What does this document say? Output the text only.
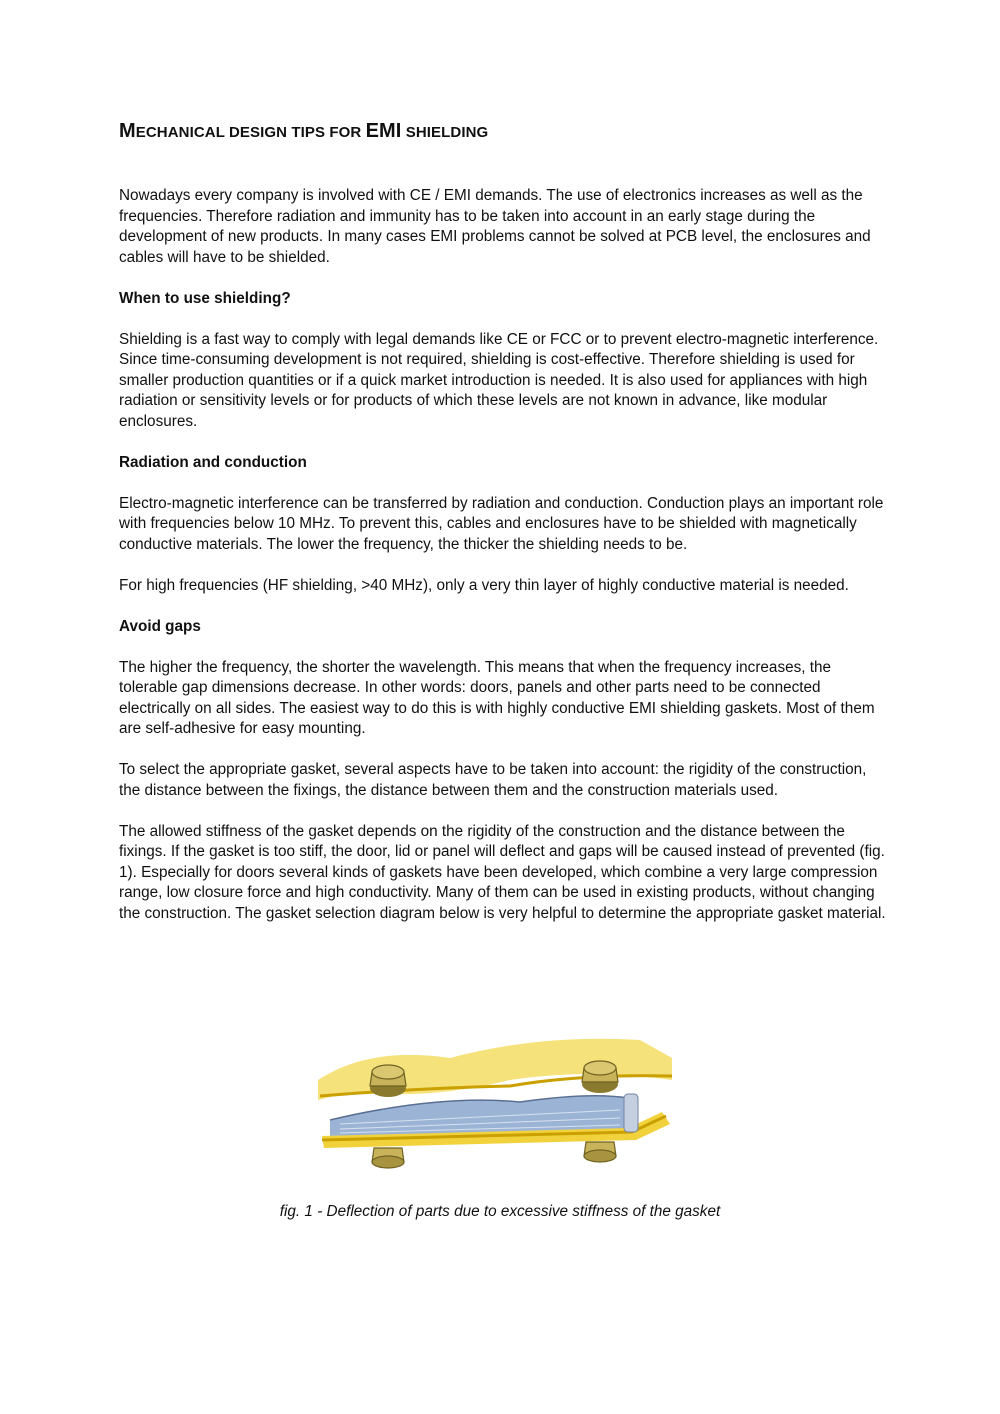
MECHANICAL DESIGN TIPS FOR EMI SHIELDING

Nowadays every company is involved with CE / EMI demands. The use of electronics increases as well as the frequencies. Therefore radiation and immunity has to be taken into account in an early stage during the development of new products. In many cases EMI problems cannot be solved at PCB level, the enclosures and cables will have to be shielded.

When to use shielding?

Shielding is a fast way to comply with legal demands like CE or FCC or to prevent electro-magnetic interference. Since time-consuming development is not required, shielding is cost-effective. Therefore shielding is used for smaller production quantities or if a quick market introduction is needed. It is also used for appliances with high radiation or sensitivity levels or for products of which these levels are not known in advance, like modular enclosures.

Radiation and conduction

Electro-magnetic interference can be transferred by radiation and conduction. Conduction plays an important role with frequencies below 10 MHz. To prevent this, cables and enclosures have to be shielded with magnetically conductive materials. The lower the frequency, the thicker the shielding needs to be.

For high frequencies (HF shielding, >40 MHz), only a very thin layer of highly conductive material is needed.

Avoid gaps

The higher the frequency, the shorter the wavelength. This means that when the frequency increases, the tolerable gap dimensions decrease. In other words: doors, panels and other parts need to be connected electrically on all sides. The easiest way to do this is with highly conductive EMI shielding gaskets. Most of them are self-adhesive for easy mounting.

To select the appropriate gasket, several aspects have to be taken into account: the rigidity of the construction, the distance between the fixings, the distance between them and the construction materials used.

The allowed stiffness of the gasket depends on the rigidity of the construction and the distance between the fixings. If the gasket is too stiff, the door, lid or panel will deflect and gaps will be caused instead of prevented (fig. 1). Especially for doors several kinds of gaskets have been developed, which combine a very large compression range, low closure force and high conductivity. Many of them can be used in existing products, without changing the construction. The gasket selection diagram below is very helpful to determine the appropriate gasket material.

fig. 1 - Deflection of parts due to excessive stiffness of the gasket
